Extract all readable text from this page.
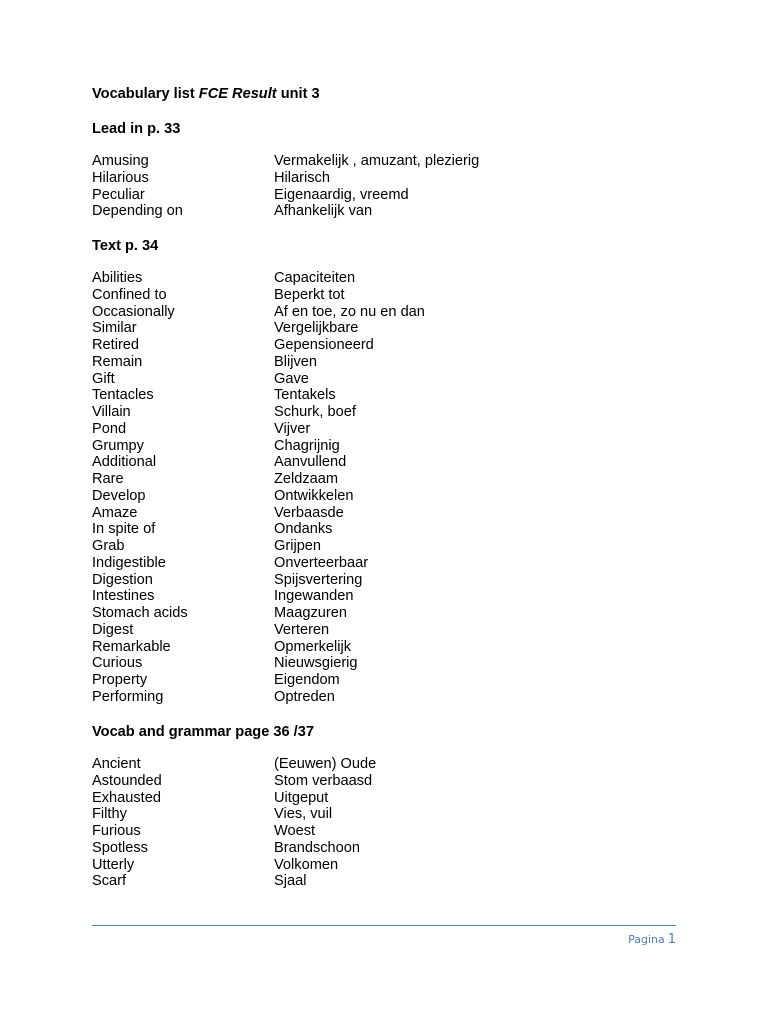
Vocabulary list FCE Result unit 3
Lead in p. 33
Amusing	Vermakelijk , amuzant, plezierig
Hilarious	Hilarisch
Peculiar	Eigenaardig, vreemd
Depending on	Afhankelijk van
Text p. 34
Abilities	Capaciteiten
Confined to	Beperkt tot
Occasionally	Af en toe, zo nu en dan
Similar	Vergelijkbare
Retired	Gepensioneerd
Remain	Blijven
Gift	Gave
Tentacles	Tentakels
Villain	Schurk, boef
Pond	Vijver
Grumpy	Chagrijnig
Additional	Aanvullend
Rare	Zeldzaam
Develop	Ontwikkelen
Amaze	Verbaasde
In spite of	Ondanks
Grab	Grijpen
Indigestible	Onverteerbaar
Digestion	Spijsvertering
Intestines	Ingewanden
Stomach acids	Maagzuren
Digest	Verteren
Remarkable	Opmerkelijk
Curious	Nieuwsgierig
Property	Eigendom
Performing	Optreden
Vocab and grammar page 36 /37
Ancient	(Eeuwen) Oude
Astounded	Stom verbaasd
Exhausted	Uitgeput
Filthy	Vies, vuil
Furious	Woest
Spotless	Brandschoon
Utterly	Volkomen
Scarf	Sjaal
Pagina 1
